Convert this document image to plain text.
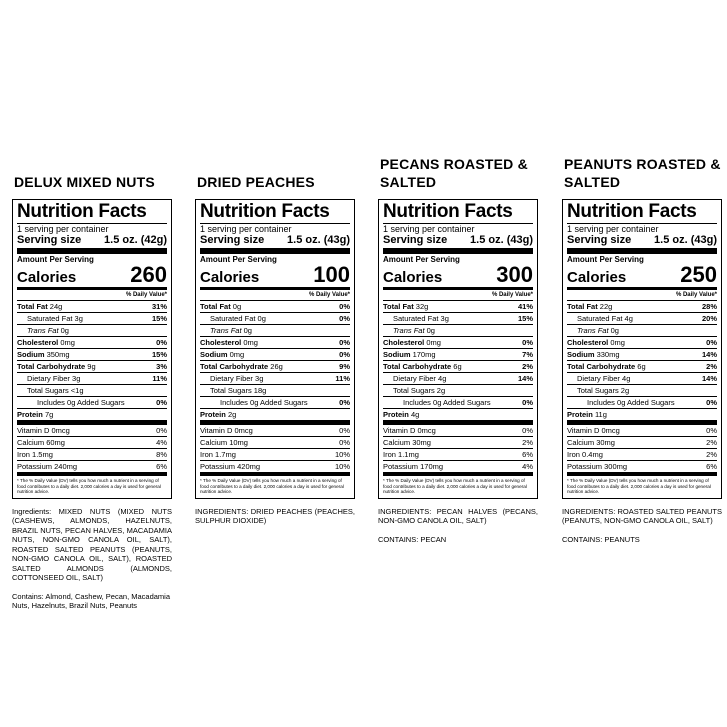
DELUX MIXED NUTS
Nutrition Facts
1 serving per container
Serving size 1.5 oz. (42g)
Amount Per Serving
Calories 260
% Daily Value*
Total Fat 24g	31%
Saturated Fat 3g	15%
Trans Fat 0g
Cholesterol 0mg	0%
Sodium 350mg	15%
Total Carbohydrate 9g	3%
Dietary Fiber 3g	11%
Total Sugars <1g
Includes 0g Added Sugars	0%
Protein 7g
Vitamin D 0mcg	0%
Calcium 60mg	4%
Iron 1.5mg	8%
Potassium 240mg	6%
* The % Daily Value (DV) tells you how much a nutrient in a serving of food contributes to a daily diet. 2,000 calories a day is used for general nutrition advice.
Ingredients: MIXED NUTS (MIXED NUTS (CASHEWS, ALMONDS, HAZELNUTS, BRAZIL NUTS, PECAN HALVES, MACADAMIA NUTS, NON-GMO CANOLA OIL, SALT), ROASTED SALTED PEANUTS (PEANUTS, NON-GMO CANOLA OIL, SALT), ROASTED SALTED ALMONDS (ALMONDS, COTTONSEED OIL, SALT)
Contains: Almond, Cashew, Pecan, Macadamia Nuts, Hazelnuts, Brazil Nuts, Peanuts
DRIED PEACHES
Nutrition Facts
1 serving per container
Serving size 1.5 oz. (43g)
Amount Per Serving
Calories 100
% Daily Value*
Total Fat 0g	0%
Saturated Fat 0g	0%
Trans Fat 0g
Cholesterol 0mg	0%
Sodium 0mg	0%
Total Carbohydrate 26g	9%
Dietary Fiber 3g	11%
Total Sugars 18g
Includes 0g Added Sugars	0%
Protein 2g
Vitamin D 0mcg	0%
Calcium 10mg	0%
Iron 1.7mg	10%
Potassium 420mg	10%
* The % Daily Value (DV) tells you how much a nutrient in a serving of food contributes to a daily diet. 2,000 calories a day is used for general nutrition advice.
INGREDIENTS: DRIED PEACHES (PEACHES, SULPHUR DIOXIDE)
PECANS ROASTED & SALTED
Nutrition Facts
1 serving per container
Serving size 1.5 oz. (43g)
Amount Per Serving
Calories 300
% Daily Value*
Total Fat 32g	41%
Saturated Fat 3g	15%
Trans Fat 0g
Cholesterol 0mg	0%
Sodium 170mg	7%
Total Carbohydrate 6g	2%
Dietary Fiber 4g	14%
Total Sugars 2g
Includes 0g Added Sugars	0%
Protein 4g
Vitamin D 0mcg	0%
Calcium 30mg	2%
Iron 1.1mg	6%
Potassium 170mg	4%
* The % Daily Value (DV) tells you how much a nutrient in a serving of food contributes to a daily diet. 2,000 calories a day is used for general nutrition advice.
INGREDIENTS: PECAN HALVES (PECANS, NON-GMO CANOLA OIL, SALT)
CONTAINS: PECAN
PEANUTS ROASTED & SALTED
Nutrition Facts
1 serving per container
Serving size 1.5 oz. (43g)
Amount Per Serving
Calories 250
% Daily Value*
Total Fat 22g	28%
Saturated Fat 4g	20%
Trans Fat 0g
Cholesterol 0mg	0%
Sodium 330mg	14%
Total Carbohydrate 6g	2%
Dietary Fiber 4g	14%
Total Sugars 2g
Includes 0g Added Sugars	0%
Protein 11g
Vitamin D 0mcg	0%
Calcium 30mg	2%
Iron 0.4mg	2%
Potassium 300mg	6%
* The % Daily Value (DV) tells you how much a nutrient in a serving of food contributes to a daily diet. 2,000 calories a day is used for general nutrition advice.
INGREDIENTS: ROASTED SALTED PEANUTS (PEANUTS, NON-GMO CANOLA OIL, SALT)
CONTAINS: PEANUTS
